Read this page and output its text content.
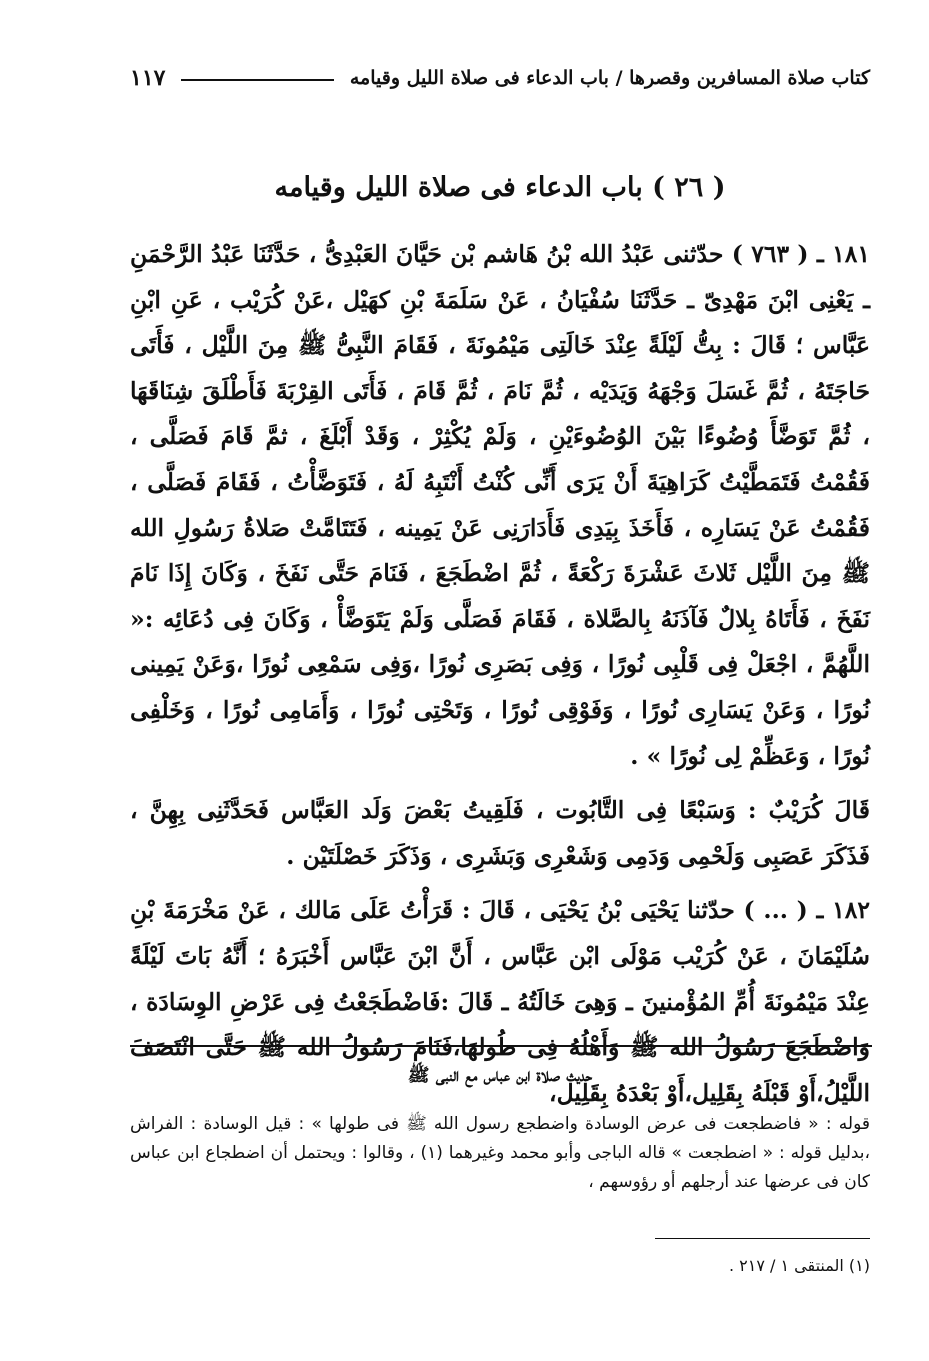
كتاب صلاة المسافرين وقصرها / باب الدعاء فى صلاة الليل وقيامه
١١٧
( ٢٦ ) باب الدعاء فى صلاة الليل وقيامه

١٨١ ـ ( ٧٦٣ ) حدّثنى عَبْدُ الله بْنُ هَاشم بْن حَيَّانَ العَبْدِىُّ ، حَدَّثَنَا عَبْدُ الرَّحْمَنِ ـ يَعْنِى ابْنَ مَهْدِىّ ـ حَدَّثَنَا سُفْيَانُ ، عَنْ سَلَمَةَ بْنِ كهَيْل ،عَنْ كُرَيْب ، عَنِ ابْنِ عَبَّاس ؛ قَالَ : بِتُّ لَيْلَةً عِنْدَ خَالَتِى مَيْمُونَةَ ، فَقَامَ النَّبِىُّ ﷺ مِنَ اللَّيْل ، فَأَتَى حَاجَتَهُ ، ثُمَّ غَسَلَ وَجْهَهُ وَيَدَيْه ، ثُمَّ نَامَ ، ثُمَّ قَامَ ، فَأَتَى القِرْبَةَ فَأَطْلَقَ شِنَاقَهَا ، ثُمَّ تَوَضَّأَ وُضُوءًا بَيْنَ الوُضُوءَيْنِ ، وَلَمْ يُكْثِرْ ، وَقَدْ أَبْلَغَ ، ثمَّ قَامَ فَصَلَّى ، فَقُمْتُ فَتَمَطَّيْتُ كَرَاهِيَةَ أَنْ يَرَى أَنِّى كُنْتُ أَنْتَبِهُ لَهُ ، فَتَوَضَّأْتُ ، فَقَامَ فَصَلَّى ، فَقُمْتُ عَنْ يَسَارِه ، فَأَخَذَ بِيَدِى فَأَدَارَنِى عَنْ يَمِينه ، فَتَتَامَّتْ صَلاةُ رَسُولِ الله ﷺ مِنَ اللَّيْل ثَلاثَ عَشْرَةَ رَكْعَةً ، ثُمَّ اضْطَجَعَ ، فَنَامَ حَتَّى نَفَخَ ، وَكَانَ إِذَا نَامَ نَفَخَ ، فَأَتَاهُ بِلالٌ فَآذَنَهُ بِالصَّلاة ، فَقَامَ فَصَلَّى وَلَمْ يَتَوَضَّأْ ، وَكَانَ فِى دُعَائِه :« اللَّهُمَّ ، اجْعَلْ فِى قَلْبِى نُورًا ، وَفِى بَصَرِى نُورًا ،وَفِى سَمْعِى نُورًا ،وَعَنْ يَمِينى نُورًا ، وَعَنْ يَسَارِى نُورًا ، وَفَوْقِى نُورًا ، وَتَحْتِى نُورًا ، وَأَمَامِى نُورًا ، وَخَلْفِى نُورًا ، وَعَظِّمْ لِى نُورًا » .

قَالَ كُرَيْبٌ : وَسَبْعًا فِى التَّابُوت ، فَلَقِيتُ بَعْضَ وَلَد العَبَّاس فَحَدَّثَنِى بِهِنَّ ، فَذَكَرَ عَصَبِى وَلَحْمِى وَدَمِى وَشَعْرِى وَبَشَرِى ، وَذَكَرَ خَصْلَتَيْن .

١٨٢ ـ ( ... ) حدّثنا يَحْيَى بْنُ يَحْيَى ، قَالَ : قَرَأْتُ عَلَى مَالك ، عَنْ مَخْرَمَةَ بْنِ سُلَيْمَانَ ، عَنْ كُرَيْب مَوْلَى ابْن عَبَّاس ، أَنَّ ابْنَ عَبَّاس أَخْبَرَهُ ؛ أَنَّهُ بَاتَ لَيْلَةً عِنْدَ مَيْمُونَةَ أُمِّ المُؤْمنينَ ـ وَهِىَ خَالَتُهُ ـ قَالَ :فَاضْطَجَعْتُ فِى عَرْضِ الوِسَادَة ، وَاضْطَجَعَ رَسُولُ الله ﷺ وَأَهْلُهُ فِى طُولهَا،فَنَامَ رَسُولُ الله ﷺ حَتَّى انْتَصَفَ اللَّيْلُ،أَوْ قَبْلَهُ بِقَلِيل،أَوْ بَعْدَهُ بِقَلِيل،

حديث صلاة ابن عباس مع النبى ﷺ

قوله : « فاضطجعت فى عرض الوسادة واضطجع رسول الله ﷺ فى طولها » : قيل الوسادة : الفراش ،بدليل قوله : « اضطجعت » قاله الباجى وأبو محمد وغيرهما (١) ، وقالوا : ويحتمل أن اضطجاع ابن عباس كان فى عرضها عند أرجلهم أو رؤوسهم ،

(١) المنتقى ١ / ٢١٧ .
